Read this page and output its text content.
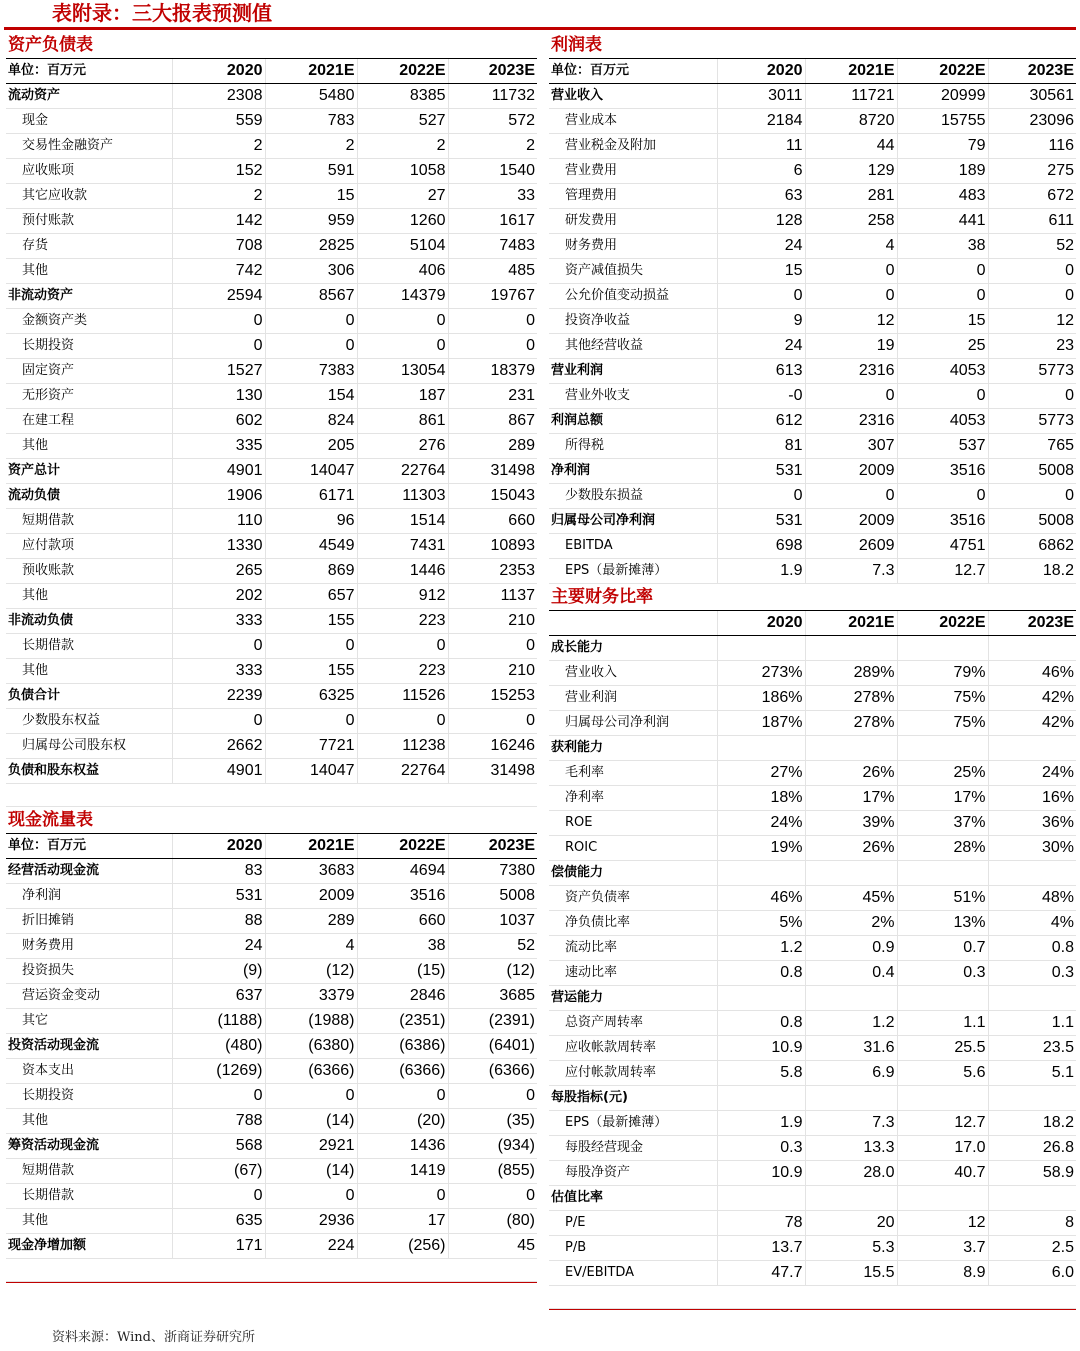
表附录：三大报表预测值
资产负债表
单位：百万元	2020	2021E	2022E	2023E
流动资产	2308	5480	8385	11732
现金	559	783	527	572
交易性金融资产	2	2	2	2
应收账项	152	591	1058	1540
其它应收款	2	15	27	33
预付账款	142	959	1260	1617
存货	708	2825	5104	7483
其他	742	306	406	485
非流动资产	2594	8567	14379	19767
金额资产类	0	0	0	0
长期投资	0	0	0	0
固定资产	1527	7383	13054	18379
无形资产	130	154	187	231
在建工程	602	824	861	867
其他	335	205	276	289
资产总计	4901	14047	22764	31498
流动负债	1906	6171	11303	15043
短期借款	110	96	1514	660
应付款项	1330	4549	7431	10893
预收账款	265	869	1446	2353
其他	202	657	912	1137
非流动负债	333	155	223	210
长期借款	0	0	0	0
其他	333	155	223	210
负债合计	2239	6325	11526	15253
少数股东权益	0	0	0	0
归属母公司股东权	2662	7721	11238	16246
负债和股东权益	4901	14047	22764	31498
现金流量表
单位：百万元	2020	2021E	2022E	2023E
经营活动现金流	83	3683	4694	7380
净利润	531	2009	3516	5008
折旧摊销	88	289	660	1037
财务费用	24	4	38	52
投资损失	(9)	(12)	(15)	(12)
营运资金变动	637	3379	2846	3685
其它	(1188)	(1988)	(2351)	(2391)
投资活动现金流	(480)	(6380)	(6386)	(6401)
资本支出	(1269)	(6366)	(6366)	(6366)
长期投资	0	0	0	0
其他	788	(14)	(20)	(35)
筹资活动现金流	568	2921	1436	(934)
短期借款	(67)	(14)	1419	(855)
长期借款	0	0	0	0
其他	635	2936	17	(80)
现金净增加额	171	224	(256)	45
利润表
单位：百万元	2020	2021E	2022E	2023E
营业收入	3011	11721	20999	30561
营业成本	2184	8720	15755	23096
营业税金及附加	11	44	79	116
营业费用	6	129	189	275
管理费用	63	281	483	672
研发费用	128	258	441	611
财务费用	24	4	38	52
资产减值损失	15	0	0	0
公允价值变动损益	0	0	0	0
投资净收益	9	12	15	12
其他经营收益	24	19	25	23
营业利润	613	2316	4053	5773
营业外收支	-0	0	0	0
利润总额	612	2316	4053	5773
所得税	81	307	537	765
净利润	531	2009	3516	5008
少数股东损益	0	0	0	0
归属母公司净利润	531	2009	3516	5008
EBITDA	698	2609	4751	6862
EPS（最新摊薄）	1.9	7.3	12.7	18.2
主要财务比率
	2020	2021E	2022E	2023E
成长能力				
营业收入	273%	289%	79%	46%
营业利润	186%	278%	75%	42%
归属母公司净利润	187%	278%	75%	42%
获利能力				
毛利率	27%	26%	25%	24%
净利率	18%	17%	17%	16%
ROE	24%	39%	37%	36%
ROIC	19%	26%	28%	30%
偿债能力				
资产负债率	46%	45%	51%	48%
净负债比率	5%	2%	13%	4%
流动比率	1.2	0.9	0.7	0.8
速动比率	0.8	0.4	0.3	0.3
营运能力				
总资产周转率	0.8	1.2	1.1	1.1
应收帐款周转率	10.9	31.6	25.5	23.5
应付帐款周转率	5.8	6.9	5.6	5.1
每股指标(元)				
EPS（最新摊薄）	1.9	7.3	12.7	18.2
每股经营现金	0.3	13.3	17.0	26.8
每股净资产	10.9	28.0	40.7	58.9
估值比率				
P/E	78	20	12	8
P/B	13.7	5.3	3.7	2.5
EV/EBITDA	47.7	15.5	8.9	6.0
资料来源：Wind、浙商证券研究所
